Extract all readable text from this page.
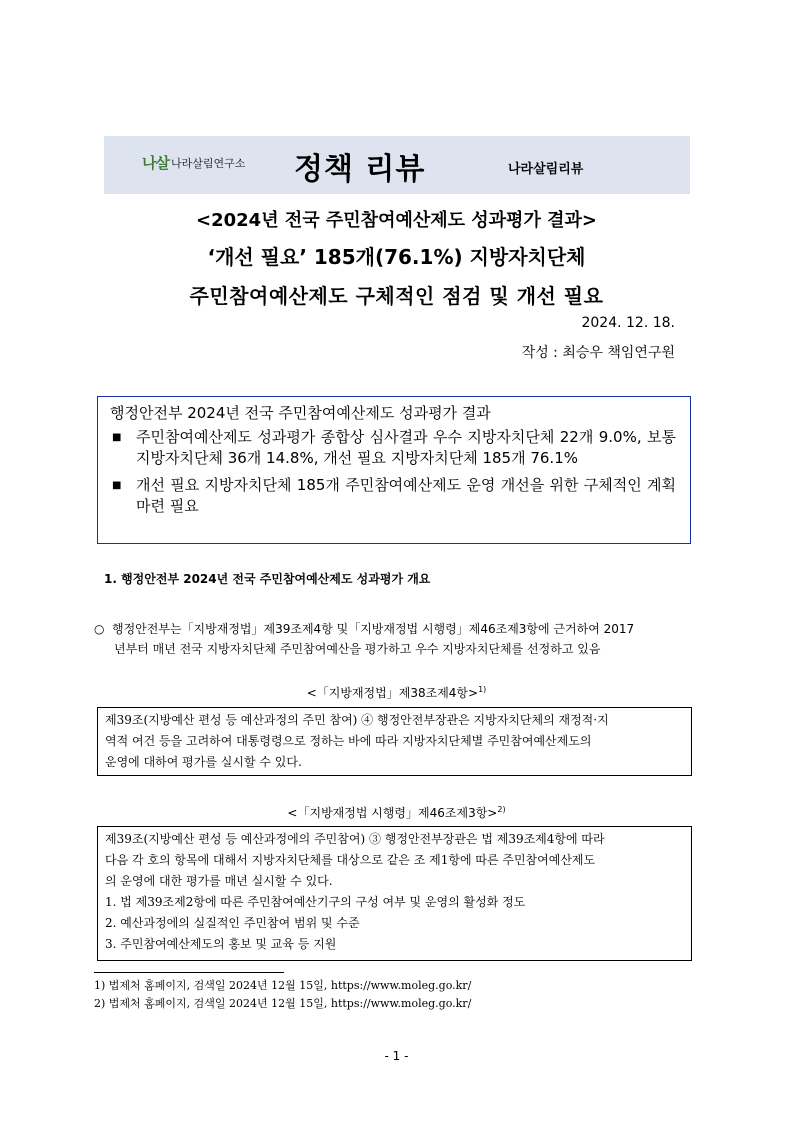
나살 나라살림연구소 정책 리뷰	나라살림리뷰
<2024년 전국 주민참여예산제도 성과평가 결과>
‘개선 필요’ 185개(76.1%) 지방자치단체
주민참여예산제도 구체적인 점검 및 개선 필요
2024. 12. 18.
작성 : 최승우 책임연구원
행정안전부 2024년 전국 주민참여예산제도 성과평가 결과
■ 주민참여예산제도 성과평가 종합상 심사결과 우수 지방자치단체 22개 9.0%, 보통 지방자치단체 36개 14.8%, 개선 필요 지방자치단체 185개 76.1%
■ 개선 필요 지방자치단체 185개 주민참여예산제도 운영 개선을 위한 구체적인 계획 마련 필요
1. 행정안전부 2024년 전국 주민참여예산제도 성과평가 개요
○ 행정안전부는「지방재정법」제39조제4항 및「지방재정법 시행령」제46조제3항에 근거하여 2017
년부터 매년 전국 지방자치단체 주민참여예산을 평가하고 우수 지방자치단체를 선정하고 있음
<「지방재정법」제38조제4항>$^{1)}$
제39조(지방예산 편성 등 예산과정의 주민 참여) ④ 행정안전부장관은 지방자치단체의 재정적·지
역적 여건 등을 고려하여 대통령령으로 정하는 바에 따라 지방자치단체별 주민참여예산제도의
운영에 대하여 평가를 실시할 수 있다.
<「지방재정법 시행령」제46조제3항>$^{2)}$
제39조(지방예산 편성 등 예산과정에의 주민참여) ③ 행정안전부장관은 법 제39조제4항에 따라
다음 각 호의 항목에 대해서 지방자치단체를 대상으로 같은 조 제1항에 따른 주민참여예산제도
의 운영에 대한 평가를 매년 실시할 수 있다.
1. 법 제39조제2항에 따른 주민참여예산기구의 구성 여부 및 운영의 활성화 정도
2. 예산과정에의 실질적인 주민참여 범위 및 수준
3. 주민참여예산제도의 홍보 및 교육 등 지원
1) 법제처 홈페이지, 검색일 2024년 12월 15일, https://www.moleg.go.kr/
2) 법제처 홈페이지, 검색일 2024년 12월 15일, https://www.moleg.go.kr/
- 1 -
